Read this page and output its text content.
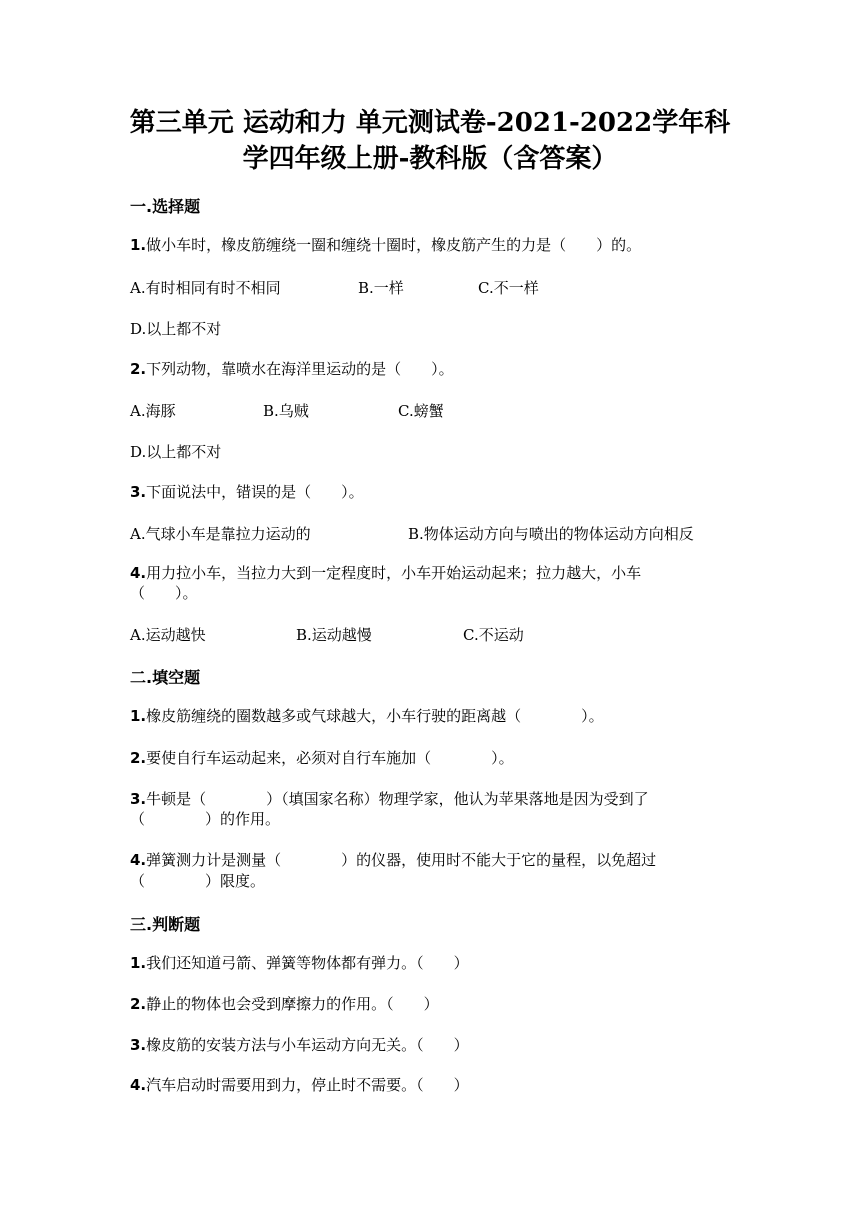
第三单元 运动和力 单元测试卷-2021-2022学年科
学四年级上册-教科版（含答案）
一.选择题
1.做小车时，橡皮筋缠绕一圈和缠绕十圈时，橡皮筋产生的力是（　　）的。
A.有时相同有时不相同	B.一样	C.不一样
D.以上都不对
2.下列动物，靠喷水在海洋里运动的是（　　）。
A.海豚	B.乌贼	C.螃蟹
D.以上都不对
3.下面说法中，错误的是（　　）。
A.气球小车是靠拉力运动的	B.物体运动方向与喷出的物体运动方向相反
4.用力拉小车，当拉力大到一定程度时，小车开始运动起来；拉力越大，小车
（　　）。
A.运动越快	B.运动越慢	C.不运动
二.填空题
1.橡皮筋缠绕的圈数越多或气球越大，小车行驶的距离越（　　　　）。
2.要使自行车运动起来，必须对自行车施加（　　　　）。
3.牛顿是（　　　　）（填国家名称）物理学家，他认为苹果落地是因为受到了
（　　　　）的作用。
4.弹簧测力计是测量（　　　　）的仪器，使用时不能大于它的量程，以免超过
（　　　　）限度。
三.判断题
1.我们还知道弓箭、弹簧等物体都有弹力。（　　）
2.静止的物体也会受到摩擦力的作用。（　　）
3.橡皮筋的安装方法与小车运动方向无关。（　　）
4.汽车启动时需要用到力，停止时不需要。（　　）
